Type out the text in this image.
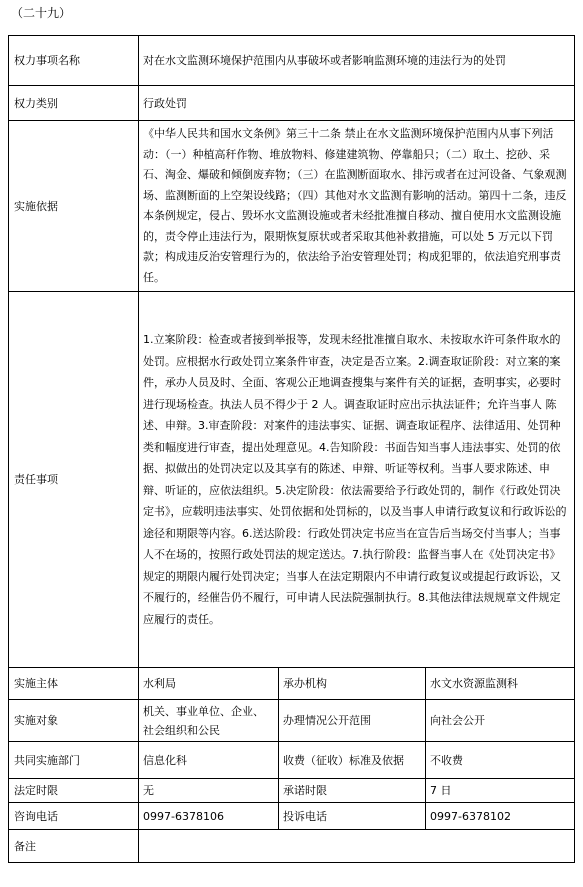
（二十九）
权力事项名称	对在水文监测环境保护范围内从事破坏或者影响监测环境的违法行为的处罚		
权力类别	行政处罚		
实施依据	《中华人民共和国水文条例》第三十二条 禁止在水文监测环境保护范围内从事下列活动：（一）种植高秆作物、堆放物料、修建建筑物、停靠船只；（二）取土、挖砂、采石、淘金、爆破和倾倒废弃物；（三）在监测断面取水、排污或者在过河设备、气象观测场、监测断面的上空架设线路；（四）其他对水文监测有影响的活动。第四十二条，违反本条例规定，侵占、毁坏水文监测设施或者未经批准擅自移动、擅自使用水文监测设施的，责令停止违法行为，限期恢复原状或者采取其他补救措施，可以处 5 万元以下罚款；构成违反治安管理行为的，依法给予治安管理处罚；构成犯罪的，依法追究刑事责任。		

责任事项	1.立案阶段：检查或者接到举报等，发现未经批准擅自取水、未按取水许可条件取水的处罚。应根据水行政处罚立案条件审查，决定是否立案。2.调查取证阶段：对立案的案件，承办人员及时、全面、客观公正地调查搜集与案件有关的证据，查明事实，必要时进行现场检查。执法人员不得少于 2 人。调查取证时应出示执法证件；允许当事人 陈述、申辩。3.审查阶段：对案件的违法事实、证据、调查取证程序、法律适用、处罚种类和幅度进行审查，提出处理意见。4.告知阶段：书面告知当事人违法事实、处罚的依据、拟做出的处罚决定以及其享有的陈述、申辩、听证等权利。当事人要求陈述、申辩、听证的，应依法组织。5.决定阶段：依法需要给予行政处罚的，制作《行政处罚决定书》，应载明违法事实、处罚依据和处罚标的，以及当事人申请行政复议和行政诉讼的途径和期限等内容。6.送达阶段：行政处罚决定书应当在宣告后当场交付当事人；当事人不在场的，按照行政处罚法的规定送达。7.执行阶段：监督当事人在《处罚决定书》规定的期限内履行处罚决定；当事人在法定期限内不申请行政复议或提起行政诉讼，又不履行的，经催告仍不履行，可申请人民法院强制执行。8.其他法律法规规章文件规定应履行的责任。		

实施主体	水利局	承办机构	水文水资源监测科
实施对象	机关、事业单位、企业、社会组织和公民	办理情况公开范围	向社会公开
共同实施部门	信息化科	收费（征收）标准及依据	不收费
法定时限	无	承诺时限	7 日
咨询电话	0997-6378106	投诉电话	0997-6378102
备注			
